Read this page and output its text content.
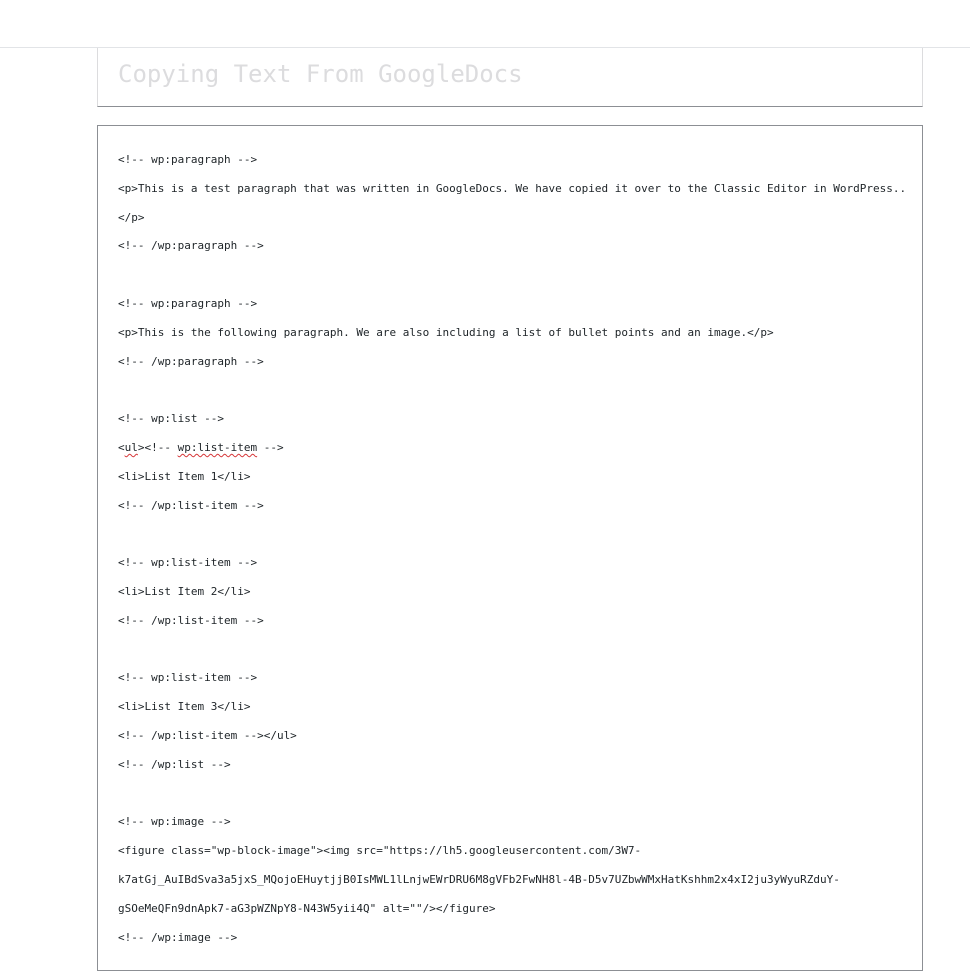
Copying Text From GoogleDocs
<!-- wp:paragraph -->
<p>This is a test paragraph that was written in GoogleDocs. We have copied it over to the Classic Editor in WordPress..
</p>
<!-- /wp:paragraph -->
<!-- wp:paragraph -->
<p>This is the following paragraph. We are also including a list of bullet points and an image.</p>
<!-- /wp:paragraph -->
<!-- wp:list -->
<ul><!-- wp:list-item -->
<li>List Item 1</li>
<!-- /wp:list-item -->
<!-- wp:list-item -->
<li>List Item 2</li>
<!-- /wp:list-item -->
<!-- wp:list-item -->
<li>List Item 3</li>
<!-- /wp:list-item --></ul>
<!-- /wp:list -->
<!-- wp:image -->
<figure class="wp-block-image"><img src="https://lh5.googleusercontent.com/3W7-
k7atGj_AuIBdSva3a5jxS_MQojoEHuytjjB0IsMWL1lLnjwEWrDRU6M8gVFb2FwNH8l-4B-D5v7UZbwWMxHatKshhm2x4xI2ju3yWyuRZduY-
gSOeMeQFn9dnApk7-aG3pWZNpY8-N43W5yii4Q" alt=""/></figure>
<!-- /wp:image -->
